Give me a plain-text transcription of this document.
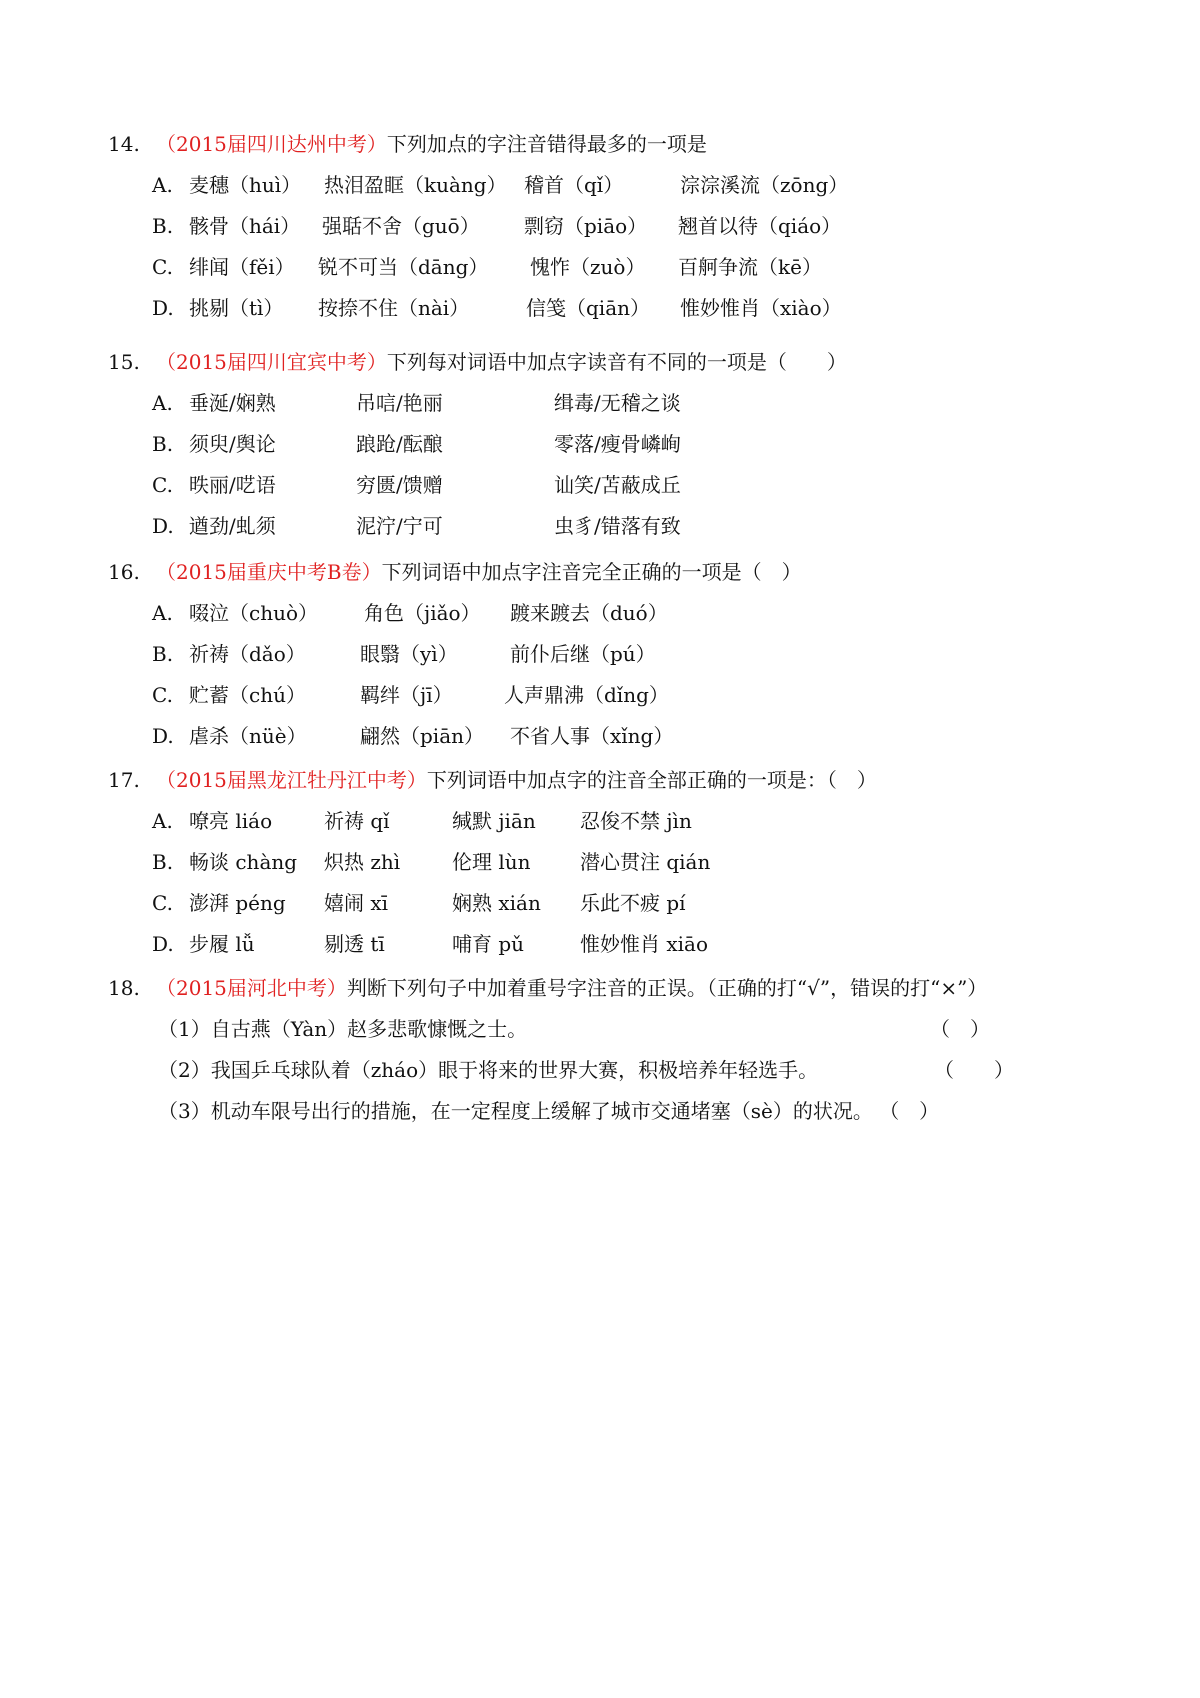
14. （2015届四川达州中考）下列加点的字注音错得最多的一项是
A. 麦穗（huì） 热泪盈眶（kuàng） 稽首（qǐ）	淙淙溪流（zōng）
B. 骸骨（hái） 强聒不舍（guō） 剽窃（piāo） 翘首以待（qiáo）
C. 绯闻（fěi） 锐不可当（dāng） 愧怍（zuò） 百舸争流（kē）
D. 挑剔（tì） 按捺不住（nài）	信笺（qiān） 惟妙惟肖（xiào）
15. （2015届四川宜宾中考）下列每对词语中加点字读音有不同的一项是（　　）
A. 垂涎/娴熟	吊唁/艳丽	缉毒/无稽之谈
B. 须臾/舆论	踉跄/酝酿	零落/瘦骨嶙峋
C. 昳丽/呓语	穷匮/馈赠	讪笑/苫蔽成丘
D. 遒劲/虬须	泥泞/宁可	虫豸/错落有致
16. （2015届重庆中考B卷）下列词语中加点字注音完全正确的一项是（　）
A. 啜泣（chuò） 角色（jiǎo） 踱来踱去（duó）
B. 祈祷（dǎo）	眼翳（yì）	前仆后继（pú）
C. 贮蓄（chú）	羁绊（jī）	人声鼎沸（dǐng）
D. 虐杀（nüè）	翩然（piān） 不省人事（xǐng）
17. （2015届黑龙江牡丹江中考）下列词语中加点字的注音全部正确的一项是：（　）
A. 嘹亮 liáo	祈祷 qǐ	缄默 jiān 忍俊不禁 jìn
B. 畅谈 chàng 炽热 zhì	伦理 lùn 潜心贯注 qián
C. 澎湃 péng 嬉闹 xī	娴熟 xián 乐此不疲 pí
D. 步履 lǚ	剔透 tī	哺育 pǔ	惟妙惟肖 xiāo
18. （2015届河北中考）判断下列句子中加着重号字注音的正误。（正确的打“√”，错误的打“×”）
（1）自古燕（Yàn）赵多悲歌慷慨之士。	（　）
（2）我国乒乓球队着（zháo）眼于将来的世界大赛，积极培养年轻选手。	（　　）
（3）机动车限号出行的措施，在一定程度上缓解了城市交通堵塞（sè）的状况。 （　）
